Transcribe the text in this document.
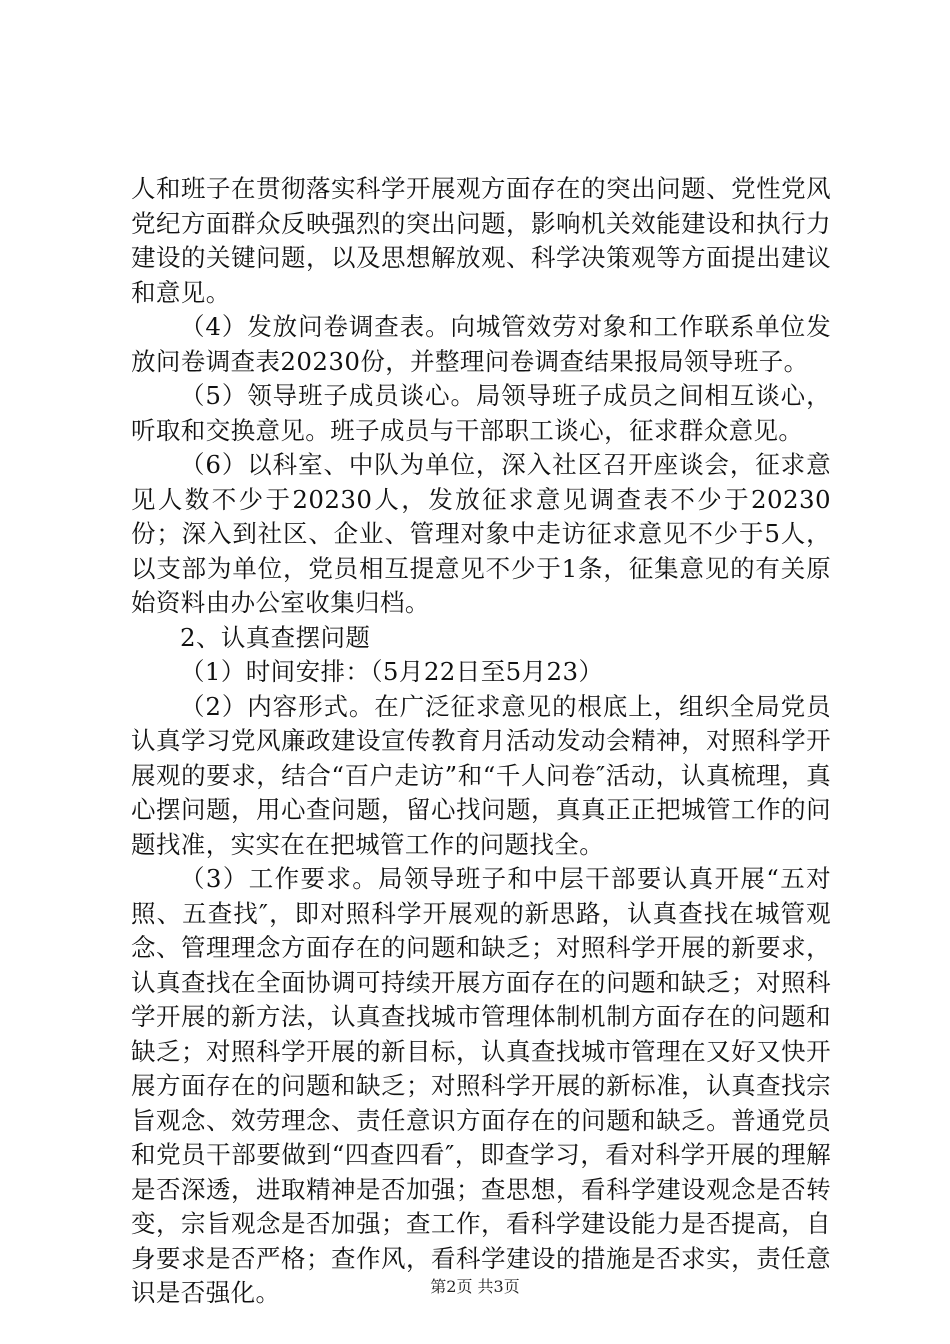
人和班子在贯彻落实科学开展观方面存在的突出问题、党性党风党纪方面群众反映强烈的突出问题，影响机关效能建设和执行力建设的关键问题，以及思想解放观、科学决策观等方面提出建议和意见。

（4）发放问卷调查表。向城管效劳对象和工作联系单位发放问卷调查表20230份，并整理问卷调查结果报局领导班子。

（5）领导班子成员谈心。局领导班子成员之间相互谈心，听取和交换意见。班子成员与干部职工谈心，征求群众意见。

（6）以科室、中队为单位，深入社区召开座谈会，征求意见人数不少于20230人，发放征求意见调查表不少于20230份；深入到社区、企业、管理对象中走访征求意见不少于5人，以支部为单位，党员相互提意见不少于1条，征集意见的有关原始资料由办公室收集归档。

2、认真查摆问题

（1）时间安排：（5月22日至5月23）

（2）内容形式。在广泛征求意见的根底上，组织全局党员认真学习党风廉政建设宣传教育月活动发动会精神，对照科学开展观的要求，结合“百户走访”和“千人问卷″活动，认真梳理，真心摆问题，用心查问题，留心找问题，真真正正把城管工作的问题找准，实实在在把城管工作的问题找全。

（3）工作要求。局领导班子和中层干部要认真开展“五对照、五查找″，即对照科学开展观的新思路，认真查找在城管观念、管理理念方面存在的问题和缺乏；对照科学开展的新要求，认真查找在全面协调可持续开展方面存在的问题和缺乏；对照科学开展的新方法，认真查找城市管理体制机制方面存在的问题和缺乏；对照科学开展的新目标，认真查找城市管理在又好又快开展方面存在的问题和缺乏；对照科学开展的新标准，认真查找宗旨观念、效劳理念、责任意识方面存在的问题和缺乏。普通党员和党员干部要做到“四查四看″，即查学习，看对科学开展的理解是否深透，进取精神是否加强；查思想，看科学建设观念是否转变，宗旨观念是否加强；查工作，看科学建设能力是否提高，自身要求是否严格；查作风，看科学建设的措施是否求实，责任意识是否强化。	第2页 共3页
